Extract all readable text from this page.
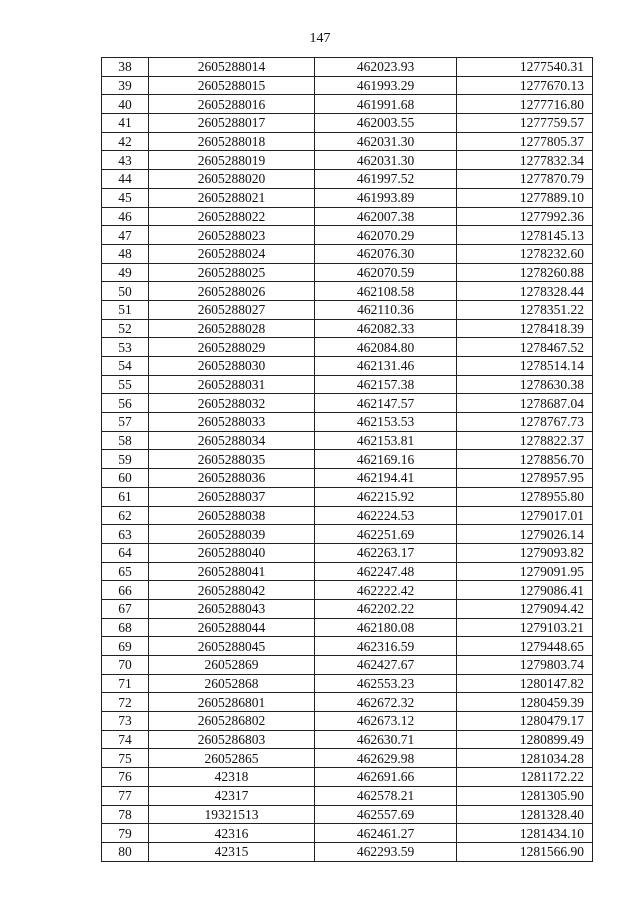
147
38	2605288014	462023.93	1277540.31
39	2605288015	461993.29	1277670.13
40	2605288016	461991.68	1277716.80
41	2605288017	462003.55	1277759.57
42	2605288018	462031.30	1277805.37
43	2605288019	462031.30	1277832.34
44	2605288020	461997.52	1277870.79
45	2605288021	461993.89	1277889.10
46	2605288022	462007.38	1277992.36
47	2605288023	462070.29	1278145.13
48	2605288024	462076.30	1278232.60
49	2605288025	462070.59	1278260.88
50	2605288026	462108.58	1278328.44
51	2605288027	462110.36	1278351.22
52	2605288028	462082.33	1278418.39
53	2605288029	462084.80	1278467.52
54	2605288030	462131.46	1278514.14
55	2605288031	462157.38	1278630.38
56	2605288032	462147.57	1278687.04
57	2605288033	462153.53	1278767.73
58	2605288034	462153.81	1278822.37
59	2605288035	462169.16	1278856.70
60	2605288036	462194.41	1278957.95
61	2605288037	462215.92	1278955.80
62	2605288038	462224.53	1279017.01
63	2605288039	462251.69	1279026.14
64	2605288040	462263.17	1279093.82
65	2605288041	462247.48	1279091.95
66	2605288042	462222.42	1279086.41
67	2605288043	462202.22	1279094.42
68	2605288044	462180.08	1279103.21
69	2605288045	462316.59	1279448.65
70	26052869	462427.67	1279803.74
71	26052868	462553.23	1280147.82
72	2605286801	462672.32	1280459.39
73	2605286802	462673.12	1280479.17
74	2605286803	462630.71	1280899.49
75	26052865	462629.98	1281034.28
76	42318	462691.66	1281172.22
77	42317	462578.21	1281305.90
78	19321513	462557.69	1281328.40
79	42316	462461.27	1281434.10
80	42315	462293.59	1281566.90
